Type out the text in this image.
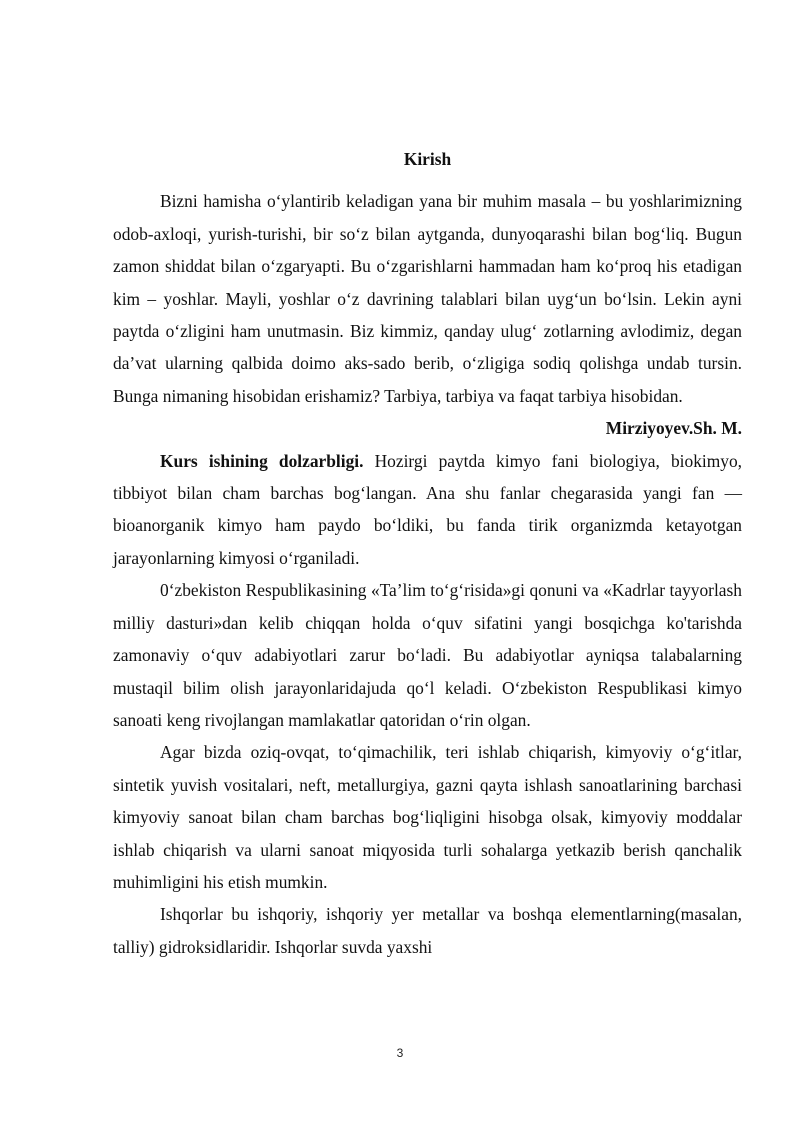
Kirish

Bizni hamisha o‘ylantirib keladigan yana bir muhim masala – bu yoshlarimizning odob-axloqi, yurish-turishi, bir so‘z bilan aytganda, dunyoqarashi bilan bog‘liq. Bugun zamon shiddat bilan o‘zgaryapti. Bu o‘zgarishlarni hammadan ham ko‘proq his etadigan kim – yoshlar. Mayli, yoshlar o‘z davrining talablari bilan uyg‘un bo‘lsin. Lekin ayni paytda o‘zligini ham unutmasin. Biz kimmiz, qanday ulug‘ zotlarning avlodimiz, degan da’vat ularning qalbida doimo aks-sado berib, o‘zligiga sodiq qolishga undab tursin. Bunga nimaning hisobidan erishamiz? Tarbiya, tarbiya va faqat tarbiya hisobidan.

Mirziyoyev.Sh. M.

Kurs ishining dolzarbligi. Hozirgi paytda kimyo fani biologiya, biokimyo, tibbiyot bilan cham barchas bog‘langan. Ana shu fanlar chegarasida yangi fan — bioanorganik kimyo ham paydo bo‘ldiki, bu fanda tirik organizmda ketayotgan jarayonlarning kimyosi o‘rganiladi.

0‘zbekiston Respublikasining «Ta’lim to‘g‘risida»gi qonuni va «Kadrlar tayyorlash milliy dasturi»dan kelib chiqqan holda o‘quv sifatini yangi bosqichga ko'tarishda zamonaviy o‘quv adabiyotlari zarur bo‘ladi. Bu adabiyotlar ayniqsa talabalarning mustaqil bilim olish jarayonlaridajuda qo‘l keladi. O‘zbekiston Respublikasi kimyo sanoati keng rivojlangan mamlakatlar qatoridan o‘rin olgan.

Agar bizda oziq-ovqat, to‘qimachilik, teri ishlab chiqarish, kimyoviy o‘g‘itlar, sintetik yuvish vositalari, neft, metallurgiya, gazni qayta ishlash sanoatlarining barchasi kimyoviy sanoat bilan cham barchas bog‘liqligini hisobga olsak, kimyoviy moddalar ishlab chiqarish va ularni sanoat miqyosida turli sohalarga yetkazib berish qanchalik muhimligini his etish mumkin.

Ishqorlar bu ishqoriy, ishqoriy yer metallar va boshqa elementlarning(masalan, talliy) gidroksidlaridir. Ishqorlar suvda yaxshi

3
